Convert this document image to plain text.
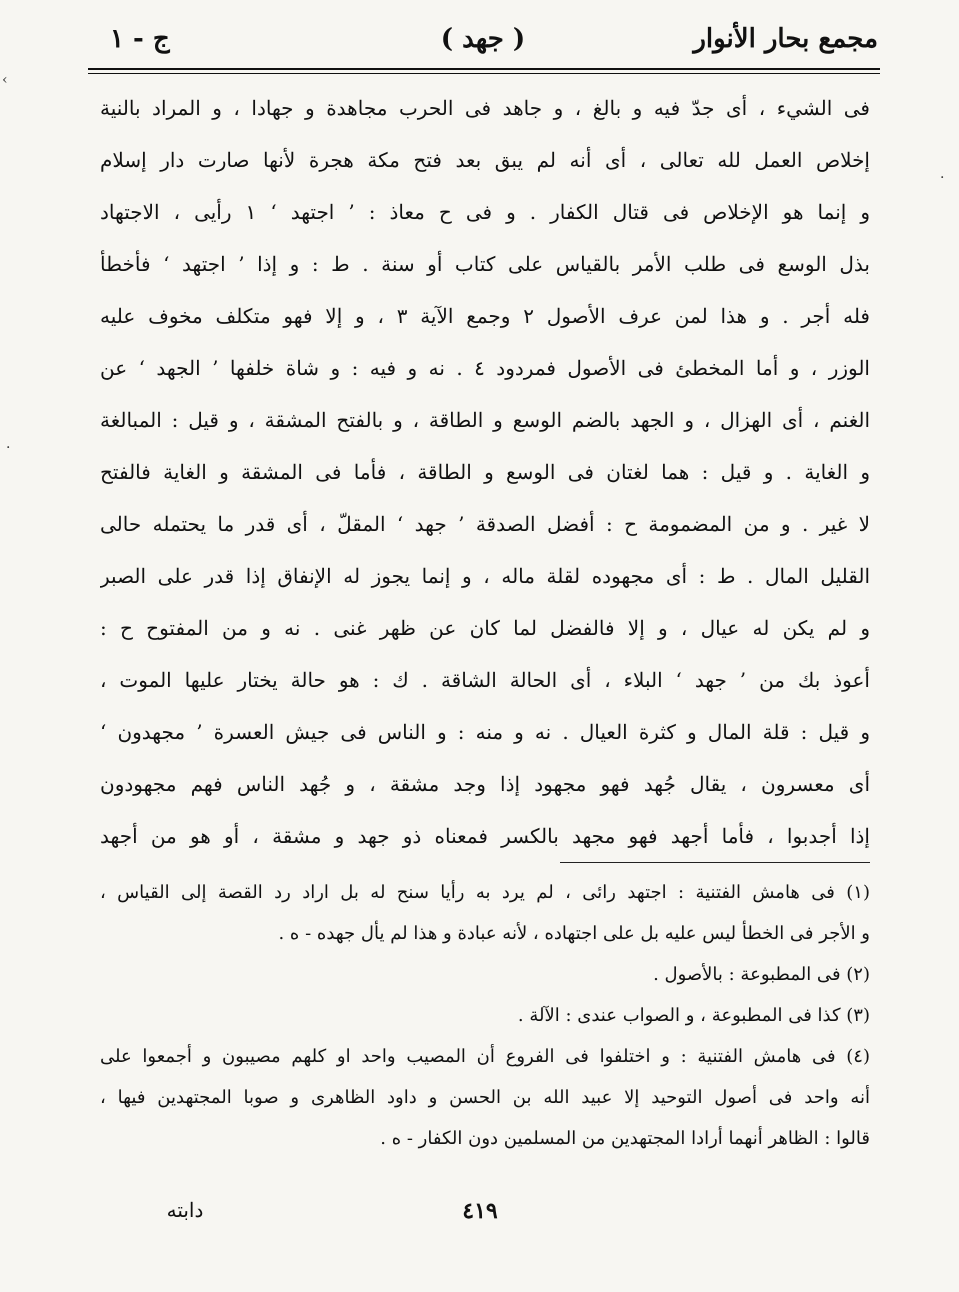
مجمع بحار الأنوار
( جهد )
ج - ١
فى الشيء ، أى جدّ فيه و بالغ ، و جاهد فى الحرب مجاهدة و جهادا ، و المراد بالنية
إخلاص العمل لله تعالى ، أى أنه لم يبق بعد فتح مكة هجرة لأنها صارت دار إسلام
و إنما هو الإخلاص فى قتال الكفار . و فى ح معاذ : ’ اجتهد ‘ ١ رأيى ، الاجتهاد
بذل الوسع فى طلب الأمر بالقياس على كتاب أو سنة . ط : و إذا ’ اجتهد ‘ فأخطأ
فله أجر . و هذا لمن عرف الأصول ٢ وجمع الآية ٣ ، و إلا فهو متكلف مخوف عليه
الوزر ، و أما المخطئ فى الأصول فمردود ٤ . نه و فيه : و شاة خلفها ’ الجهد ‘ عن
الغنم ، أى الهزال ، و الجهد بالضم الوسع و الطاقة ، و بالفتح المشقة ، و قيل : المبالغة
و الغاية . و قيل : هما لغتان فى الوسع و الطاقة ، فأما فى المشقة و الغاية فالفتح
لا غير . و من المضمومة ح : أفضل الصدقة ’ جهد ‘ المقلّ ، أى قدر ما يحتمله حالى
القليل المال . ط : أى مجهوده لقلة ماله ، و إنما يجوز له الإنفاق إذا قدر على الصبر
و لم يكن له عيال ، و إلا فالفضل لما كان عن ظهر غنى . نه و من المفتوح ح :
أعوذ بك من ’ جهد ‘ البلاء ، أى الحالة الشاقة . ك : هو حالة يختار عليها الموت ،
و قيل : قلة المال و كثرة العيال . نه و منه : و الناس فى جيش العسرة ’ مجهدون ‘
أى معسرون ، يقال جُهد فهو مجهود إذا وجد مشقة ، و جُهد الناس فهم مجهودون
إذا أجدبوا ، فأما أجهد فهو مجهد بالكسر فمعناه ذو جهد و مشقة ، أو هو من أجهد
(١) فى هامش الفتنية : اجتهد رائى ، لم يرد به رأيا سنح له بل اراد رد القصة إلى القياس ،
و الأجر فى الخطأ ليس عليه بل على اجتهاده ، لأنه عبادة و هذا لم يأل جهده - ه .
(٢) فى المطبوعة : بالأصول .
(٣) كذا فى المطبوعة ، و الصواب عندى : الآلة .
(٤) فى هامش الفتنية : و اختلفوا فى الفروع أن المصيب واحد او كلهم مصيبون و أجمعوا على
أنه واحد فى أصول التوحيد إلا عبيد الله بن الحسن و داود الظاهرى و صوبا المجتهدين فيها ،
قالوا : الظاهر أنهما أرادا المجتهدين من المسلمين دون الكفار - ه .
٤١٩
دابته
‹
·
·
